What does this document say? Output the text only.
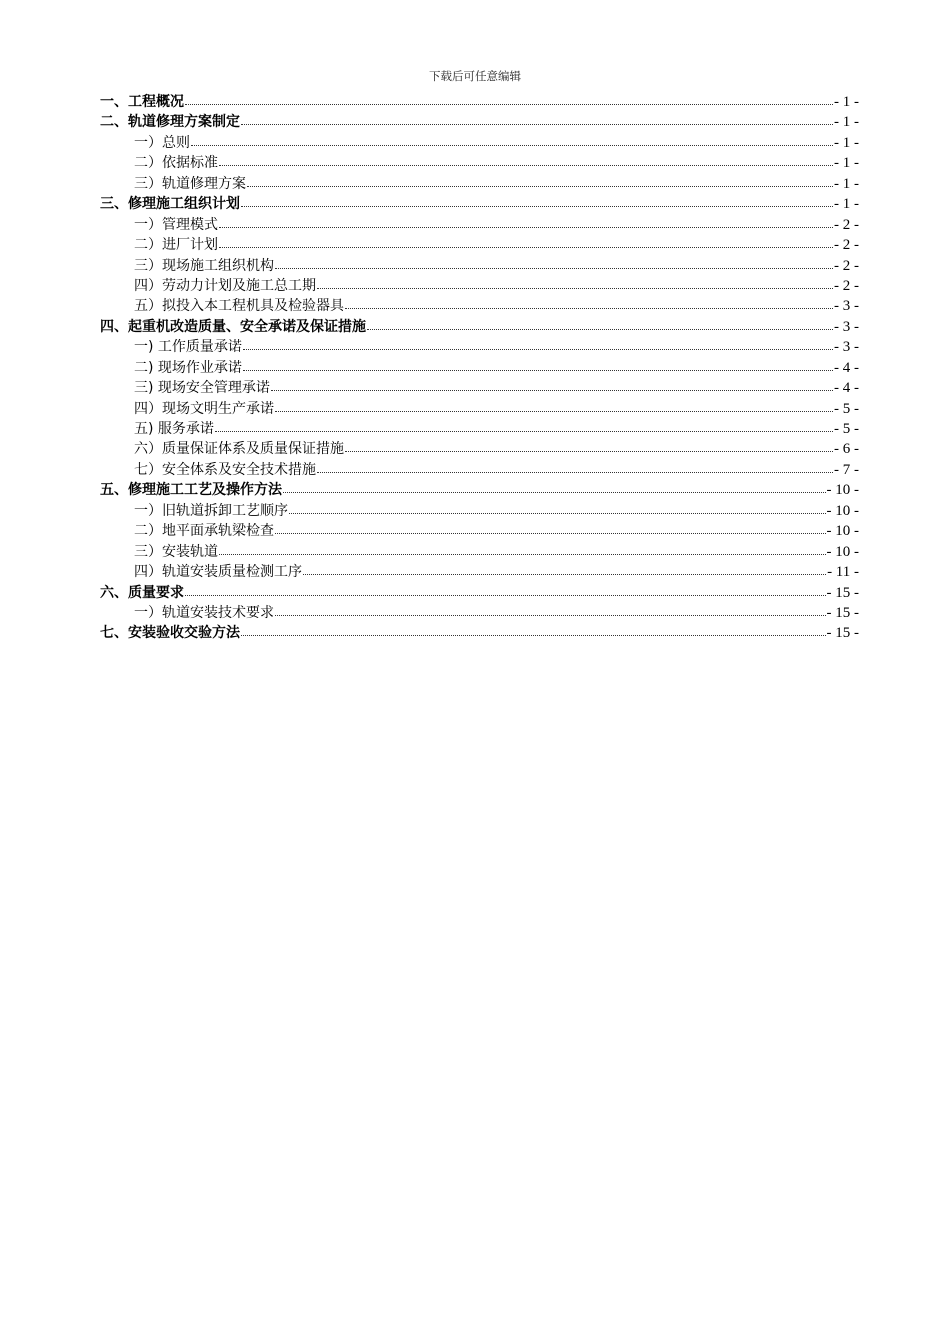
下载后可任意编辑
一、工程概况	- 1 -
二、轨道修理方案制定	- 1 -
一）总则	- 1 -
二）依据标准	- 1 -
三）轨道修理方案	- 1 -
三、修理施工组织计划	- 1 -
一）管理模式	- 2 -
二）进厂计划	- 2 -
三）现场施工组织机构	- 2 -
四）劳动力计划及施工总工期	- 2 -
五）拟投入本工程机具及检验器具	- 3 -
四、起重机改造质量、安全承诺及保证措施	- 3 -
一) 工作质量承诺	- 3 -
二) 现场作业承诺	- 4 -
三) 现场安全管理承诺	- 4 -
四）现场文明生产承诺	- 5 -
五) 服务承诺	- 5 -
六）质量保证体系及质量保证措施	- 6 -
七）安全体系及安全技术措施	- 7 -
五、修理施工工艺及操作方法	- 10 -
一）旧轨道拆卸工艺顺序	- 10 -
二）地平面承轨梁检查	- 10 -
三）安装轨道	- 10 -
四）轨道安装质量检测工序	- 11 -
六、质量要求	- 15 -
一）轨道安装技术要求	- 15 -
七、安装验收交验方法	- 15 -
